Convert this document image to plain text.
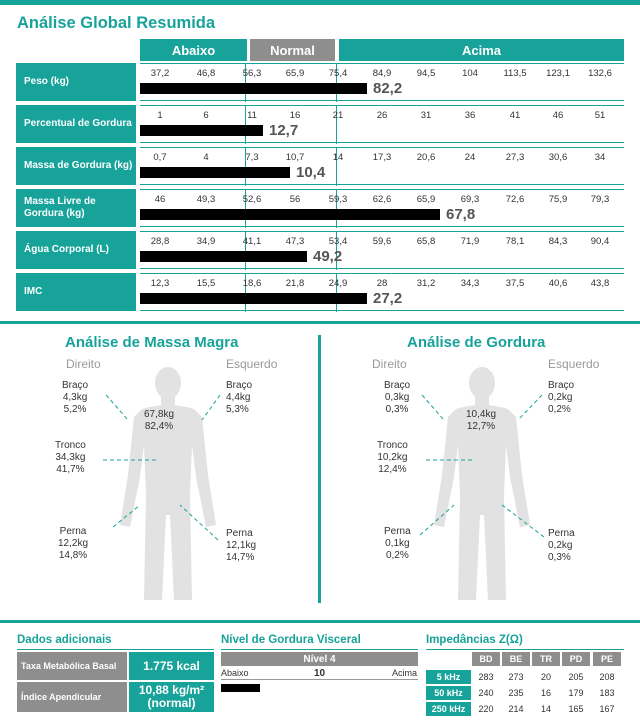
Análise Global Resumida
Abaixo	Normal	Acima
Peso (kg)
37,2	46,8	56,3	65,9	75,4	84,9	94,5	104	113,5 123,1 132,6
82,2
Percentual de Gordura
1	6	11	16	21	26	31	36	41	46	51
12,7
Massa de Gordura (kg)
0,7	4	7,3	10,7	14	17,3	20,6	24	27,3	30,6	34
10,4
Massa Livre de Gordura (kg)
46	49,3	52,6	56	59,3	62,6	65,9	69,3	72,6	75,9 79,3
67,8
Água Corporal (L)
28,8	34,9	41,1	47,3	53,4	59,6	65,8	71,9	78,1	84,3 90,4
49,2
IMC
12,3	15,5	18,6	21,8	24,9	28	31,2	34,3	37,5	40,6 43,8
27,2
Análise de Massa Magra
Direito	Esquerdo
Braço
4,3kg
5,2%
Braço
4,4kg
5,3%
67,8kg
82,4%
Tronco
34,3kg
41,7%
Perna
12,2kg
14,8%
Perna
12,1kg
14,7%
Análise de Gordura
Direito	Esquerdo
Braço
0,3kg
0,3%
Braço
0,2kg
0,2%
10,4kg
12,7%
Tronco
10,2kg
12,4%
Perna
0,1kg
0,2%
Perna
0,2kg
0,3%
Dados adicionais
Taxa Metabólica Basal	1.775 kcal
Índice Apendicular	10,88 kg/m²
(normal)
Nível de Gordura Visceral
Nível 4
Abaixo	10	Acima
Impedâncias Z(Ω)
BD	BE	TR	PD	PE
5 kHz	283 273 20 205 208
50 kHz	240 235 16 179 183
250 kHz	220 214 14 165 167
